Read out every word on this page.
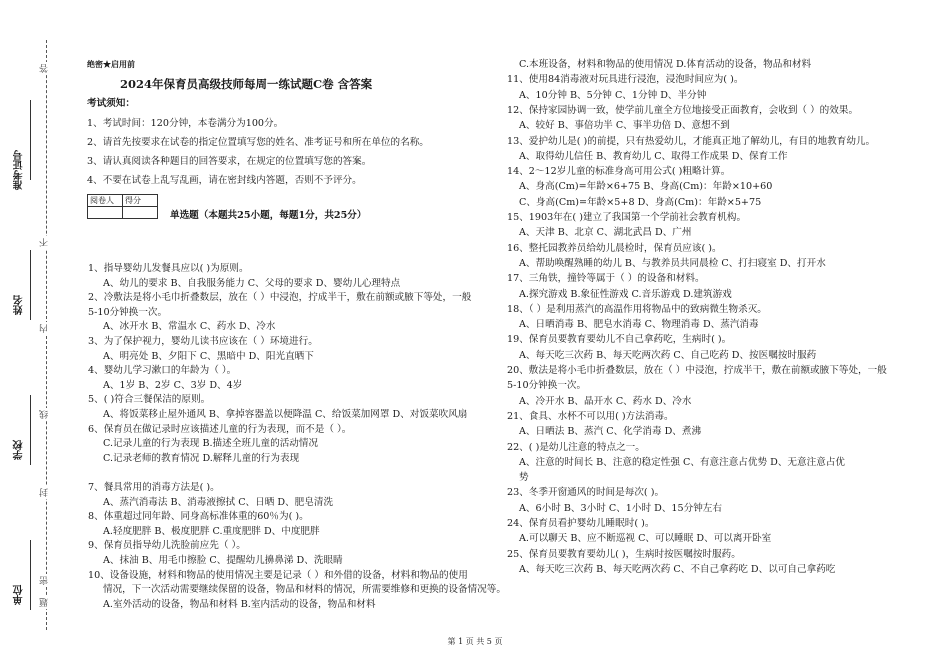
准考证号
姓名
学校
单位 题
答
不
内
线
封
密
绝密★启用前
2024年保育员高级技师每周一练试题C卷 含答案
考试须知：
1、考试时间：120分钟，本卷满分为100分。
2、请首先按要求在试卷的指定位置填写您的姓名、准考证号和所在单位的名称。
3、请认真阅读各种题目的回答要求，在规定的位置填写您的答案。
4、不要在试卷上乱写乱画，请在密封线内答题，否则不予评分。
阅卷人	得分

单选题（本题共25小题，每题1分，共25分）
1、指导婴幼儿发餐具应以( )为原则。
A、幼儿的要求 B、自我服务能力 C、父母的要求 D、婴幼儿心理特点
2、冷敷法是将小毛巾折叠数层，放在（ ）中浸泡，拧成半干，敷在前额或腋下等处，一般
5-10分钟换一次。
A、冰开水 B、常温水 C、药水 D、冷水
3、为了保护视力，婴幼儿读书应该在（ ）环境进行。
A、明亮处 B、夕阳下 C、黑暗中 D、阳光直晒下
4、婴幼儿学习漱口的年龄为（ ）。
A、1岁 B、2岁 C、3岁 D、4岁
5、( )符合三餐保洁的原则。
A、将饭菜移止屋外通风 B、拿掉容器盖以便降温 C、给饭菜加网罩 D、对饭菜吹风扇
6、保育员在做记录时应该描述儿童的行为表现，而不是（ ）。
C.记录儿童的行为表现 B.描述全班儿童的活动情况
C.记录老师的教育情况 D.解释儿童的行为表现
7、餐具常用的消毒方法是( )。
A、蒸汽消毒法 B、消毒液擦拭 C、日晒 D、肥皂清洗
8、体重超过同年龄、同身高标准体重的60％为( )。
A.轻度肥胖 B、极度肥胖 C.重度肥胖 D、中度肥胖
9、保育员指导幼儿洗脸前应先（ ）。
A、抹油 B、用毛巾擦脸 C、提醒幼儿擤鼻涕 D、洗眼睛
10、设备设施，材料和物品的使用情况主要是记录（ ）和外借的设备，材料和物品的使用
情况，下一次活动需要继续保留的设备，物品和材料的情况，所需要维修和更换的设备情况等。
A.室外活动的设备，物品和材料 B.室内活动的设备，物品和材料
C.本班设备，材料和物品的使用情况 D.体育活动的设备，物品和材料
11、使用84消毒液对玩具进行浸泡，浸泡时间应为( )。
A、10分钟 B、5分钟 C、1分钟 D、半分钟
12、保持家园协调一致，使学前儿童全方位地接受正面教育，会收到（ ）的效果。
A、较好 B、事倍功半 C、事半功倍 D、意想不到
13、爱护幼儿是( )的前提，只有热爱幼儿，才能真正地了解幼儿，有目的地教育幼儿。
A、取得幼儿信任 B、教育幼儿 C、取得工作成果 D、保育工作
14、2～12岁儿童的标准身高可用公式( )粗略计算。
A、身高(Cm)=年龄×6+75 B、身高(Cm)：年龄×10+60
C、身高(Cm)=年龄×5+8 D、身高(Cm)：年龄×5+75
15、1903年在( )建立了我国第一个学前社会教育机构。
A、天津 B、北京 C、湖北武昌 D、广州
16、整托园教养员给幼儿晨检时，保育员应该( )。
A、帮助唤醒熟睡的幼儿 B、与教养员共同晨检 C、打扫寝室 D、打开水
17、三角铁，撞铃等属于（ ）的设备和材料。
A.探究游戏 B.象征性游戏 C.音乐游戏 D.建筑游戏
18、（ ）是利用蒸汽的高温作用将物品中的致病微生物杀灭。
A、日晒消毒 B、肥皂水消毒 C、物理消毒 D、蒸汽消毒
19、保育员要教育要幼儿不自己拿药吃，生病时( )。
A、每天吃三次药 B、每天吃两次药 C、自己吃药 D、按医嘱按时服药
20、敷法是将小毛巾折叠数层，放在（ ）中浸泡，拧成半干，敷在前额或腋下等处，一般
5-10分钟换一次。
A、冷开水 B、晶开水 C、药水 D、冷水
21、食具、水杯不可以用( )方法消毒。
A、日晒法 B、蒸汽 C、化学消毒 D、煮沸
22、( )是幼儿注意的特点之一。
A、注意的时间长 B、注意的稳定性强 C、有意注意占优势 D、无意注意占优
势
23、冬季开窗通风的时间是每次( )。
A、6小时 B、3小时 C、1小时 D、15分钟左右
24、保育员看护婴幼儿睡眠时( )。
A.可以聊天 B、应不断巡视 C、可以睡眠 D、可以离开卧室
25、保育员要教育要幼儿( )，生病时按医嘱按时服药。
A、每天吃三次药 B、每天吃两次药 C、不自己拿药吃 D、以可自己拿药吃
第 1 页 共 5 页
